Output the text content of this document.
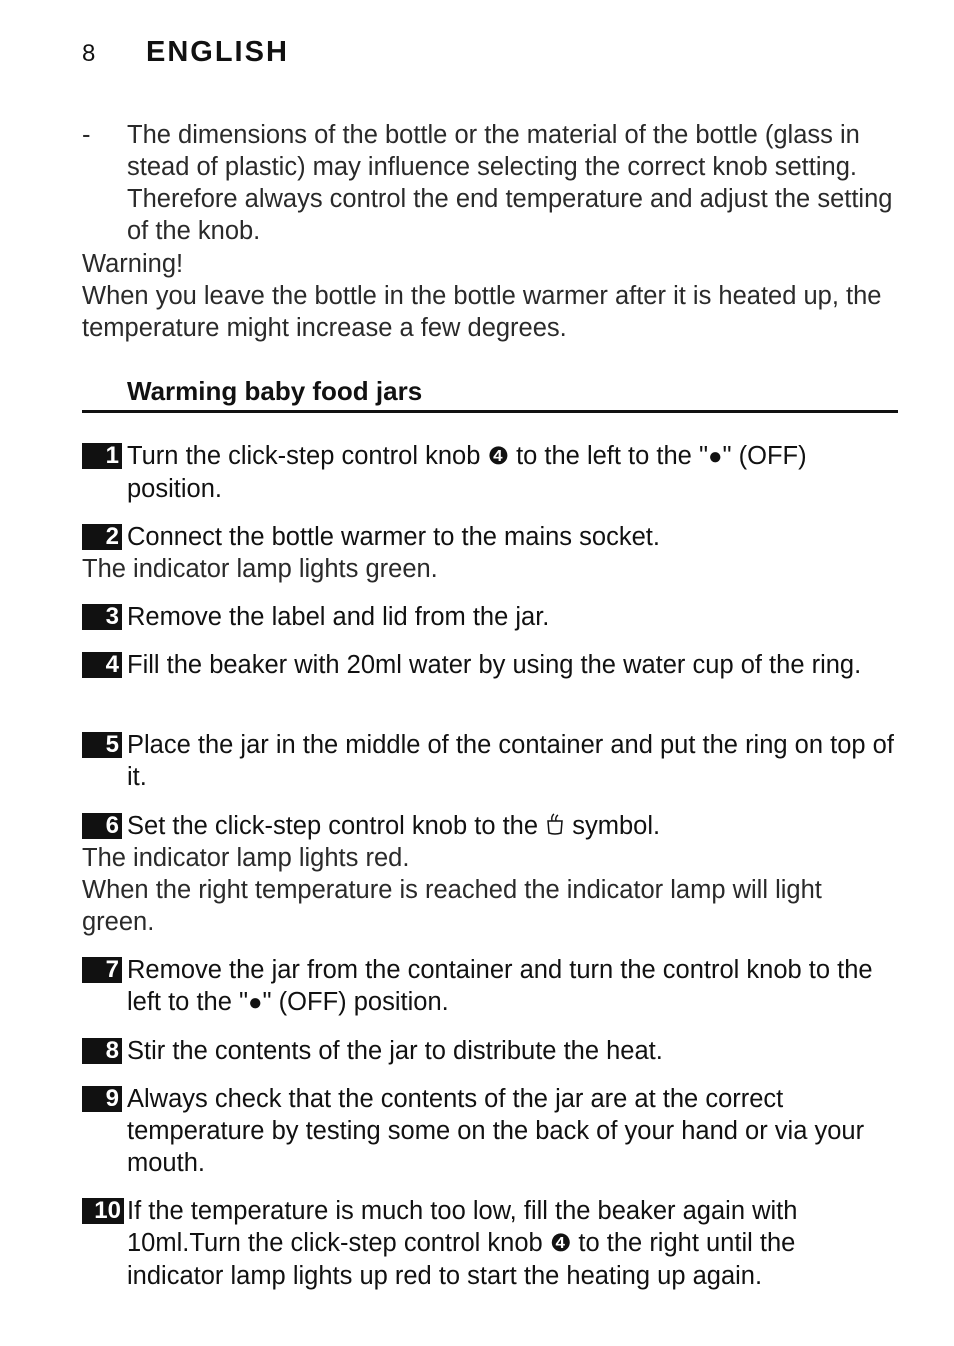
8	ENGLISH
- The dimensions of the bottle or the material of the bottle (glass in stead of plastic) may influence selecting the correct knob setting. Therefore always control the end temperature and adjust the setting of the knob.
Warning!
When you leave the bottle in the bottle warmer after it is heated up, the temperature might increase a few degrees.
Warming baby food jars
1 Turn the click-step control knob ❹ to the left to the "●" (OFF) position.
2 Connect the bottle warmer to the mains socket.
The indicator lamp lights green.
3 Remove the label and lid from the jar.
4 Fill the beaker with 20ml water by using the water cup of the ring.
5 Place the jar in the middle of the container and put the ring on top of it.
6 Set the click-step control knob to the  symbol.
The indicator lamp lights red.
When the right temperature is reached the indicator lamp will light green.
7 Remove the jar from the container and turn the control knob to the left to the "●" (OFF) position.
8 Stir the contents of the jar to distribute the heat.
9 Always check that the contents of the jar are at the correct temperature by testing some on the back of your hand or via your mouth.
10 If the temperature is much too low, fill the beaker again with 10ml.Turn the click-step control knob ❹ to the right until the indicator lamp lights up red to start the heating up again.
